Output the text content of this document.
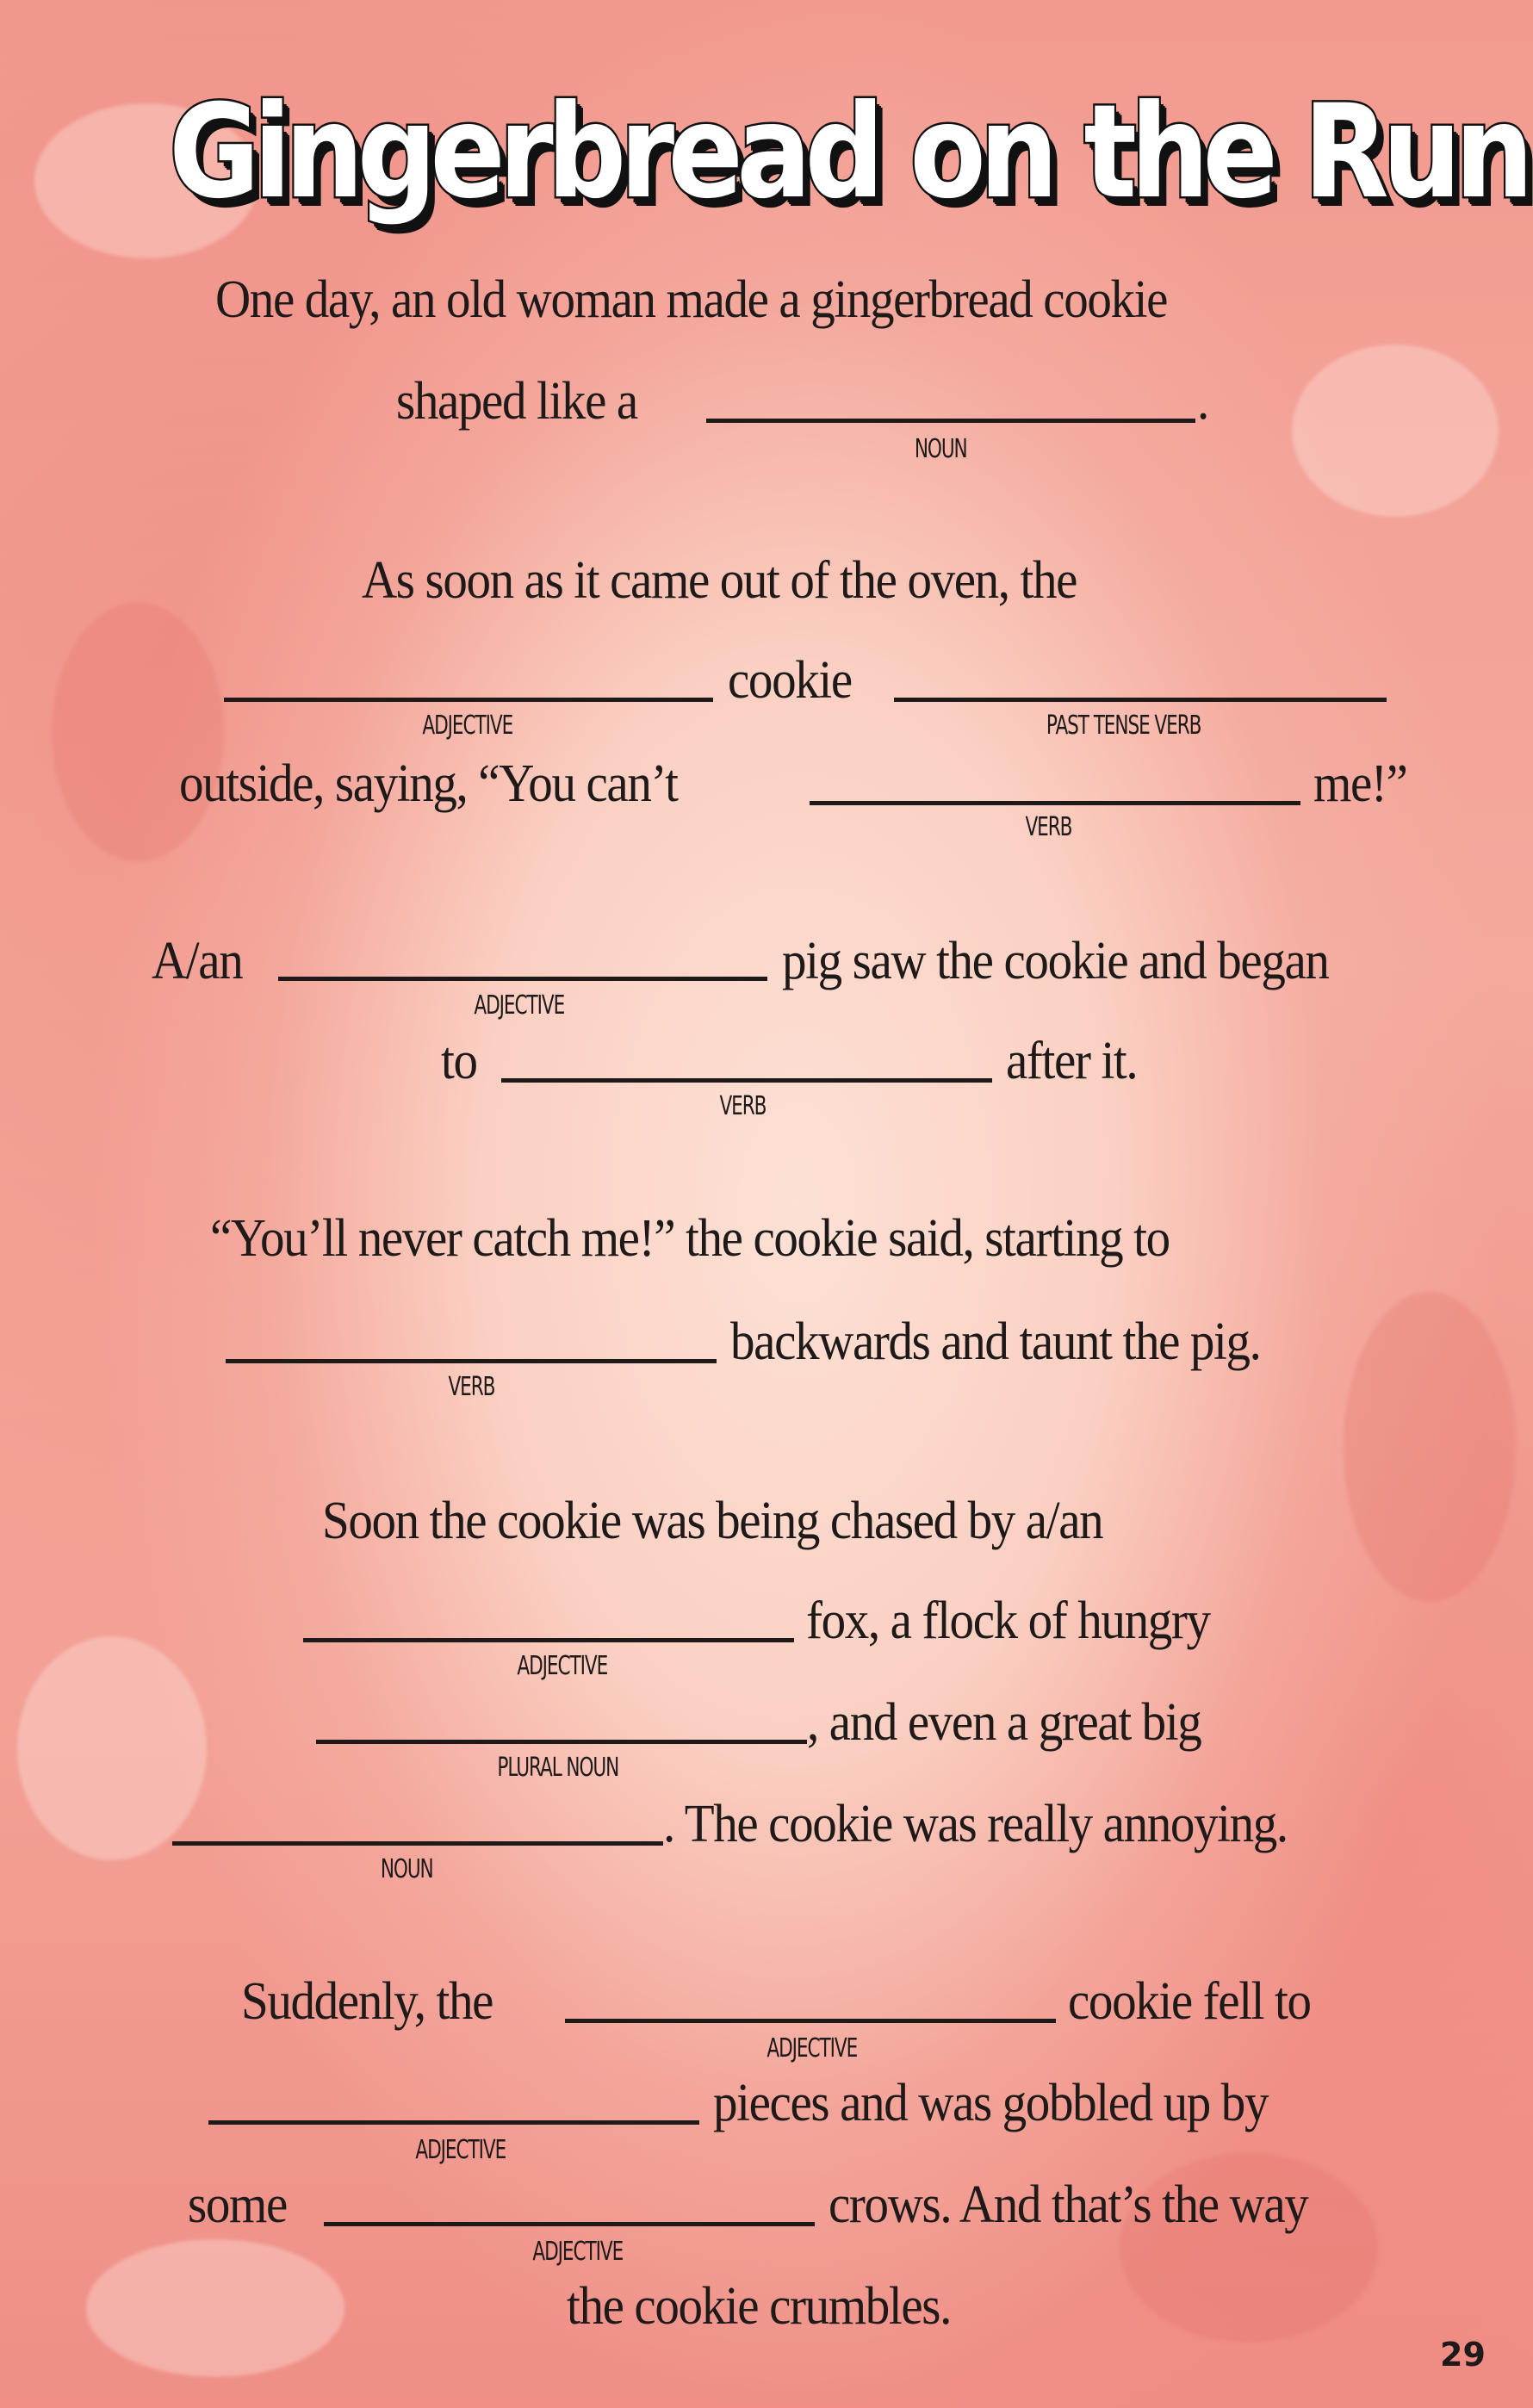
Gingerbread on the Run
One day, an old woman made a gingerbread cookie
shaped like a	.
NOUN
As soon as it came out of the oven, the
cookie
ADJECTIVE	PAST TENSE VERB
outside, saying, “You can’t	me!”
VERB
A/an	pig saw the cookie and began
ADJECTIVE
to	after it.
VERB
“You’ll never catch me!” the cookie said, starting to
backwards and taunt the pig.
VERB
Soon the cookie was being chased by a/an
fox, a flock of hungry
ADJECTIVE
, and even a great big
PLURAL NOUN
. The cookie was really annoying.
NOUN
Suddenly, the	cookie fell to
ADJECTIVE
pieces and was gobbled up by
ADJECTIVE
some	crows. And that’s the way
ADJECTIVE
the cookie crumbles.
29
